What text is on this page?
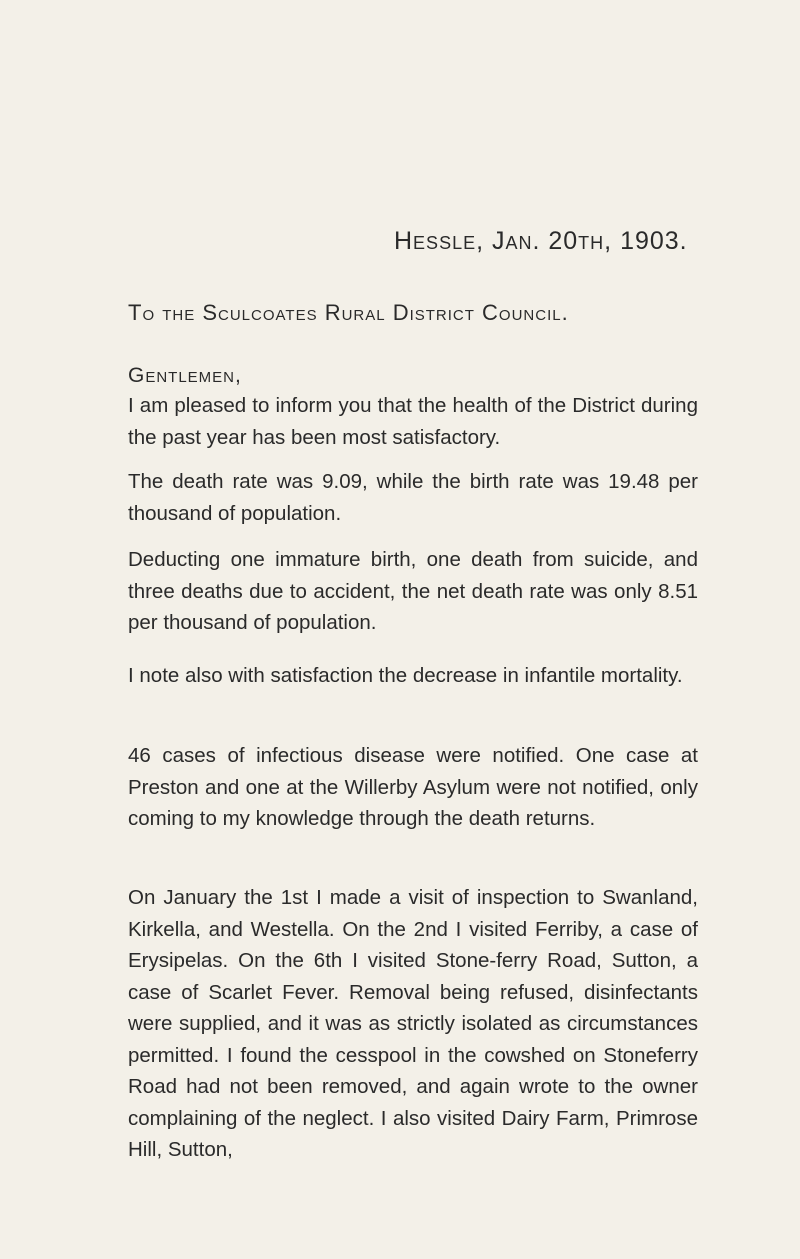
Hessle, Jan. 20th, 1903.
To the Sculcoates Rural District Council.
Gentlemen,

I am pleased to inform you that the health of the District during the past year has been most satisfactory.

The death rate was 9.09, while the birth rate was 19.48 per thousand of population.

Deducting one immature birth, one death from suicide, and three deaths due to accident, the net death rate was only 8.51 per thousand of population.

I note also with satisfaction the decrease in infantile mortality.

46 cases of infectious disease were notified. One case at Preston and one at the Willerby Asylum were not notified, only coming to my knowledge through the death returns.

On January the 1st I made a visit of inspection to Swanland, Kirkella, and Westella. On the 2nd I visited Ferriby, a case of Erysipelas. On the 6th I visited Stone-ferry Road, Sutton, a case of Scarlet Fever. Removal being refused, disinfectants were supplied, and it was as strictly isolated as circumstances permitted. I found the cesspool in the cowshed on Stoneferry Road had not been removed, and again wrote to the owner complaining of the neglect. I also visited Dairy Farm, Primrose Hill, Sutton,
